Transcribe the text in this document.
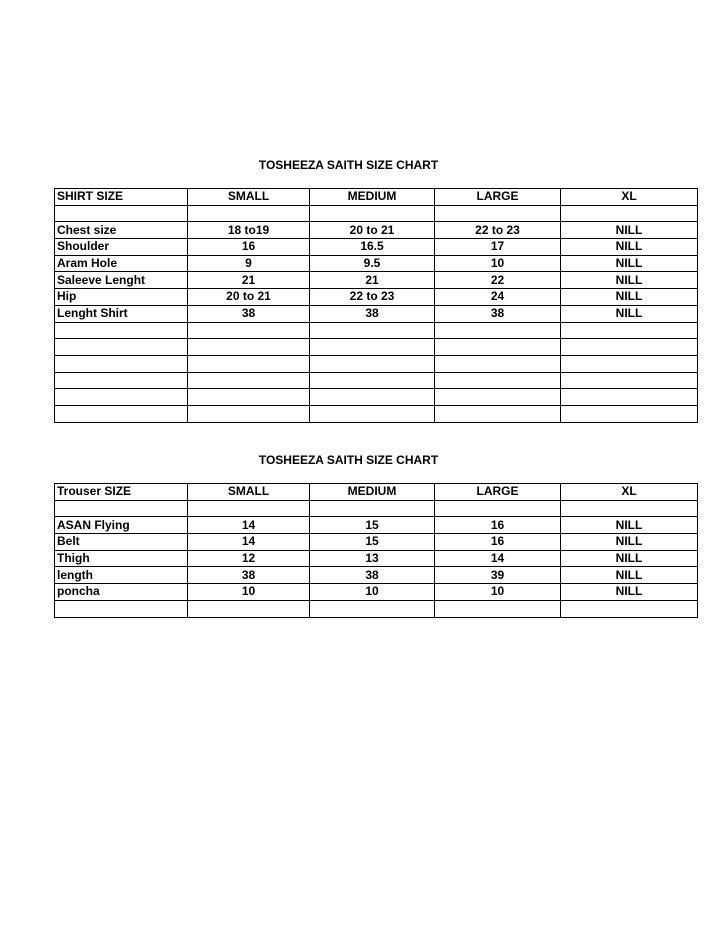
TOSHEEZA SAITH SIZE CHART
SHIRT SIZE	SMALL	MEDIUM	LARGE	XL

Chest size	18 to19	20 to 21	22 to 23	NILL
Shoulder	16	16.5	17	NILL
Aram Hole	9	9.5	10	NILL
Saleeve Lenght	21	21	22	NILL
Hip	20 to 21	22 to 23	24	NILL
Lenght Shirt	38	38	38	NILL

TOSHEEZA SAITH SIZE CHART
Trouser SIZE	SMALL	MEDIUM	LARGE	XL

ASAN Flying	14	15	16	NILL
Belt	14	15	16	NILL
Thigh	12	13	14	NILL
length	38	38	39	NILL
poncha	10	10	10	NILL
